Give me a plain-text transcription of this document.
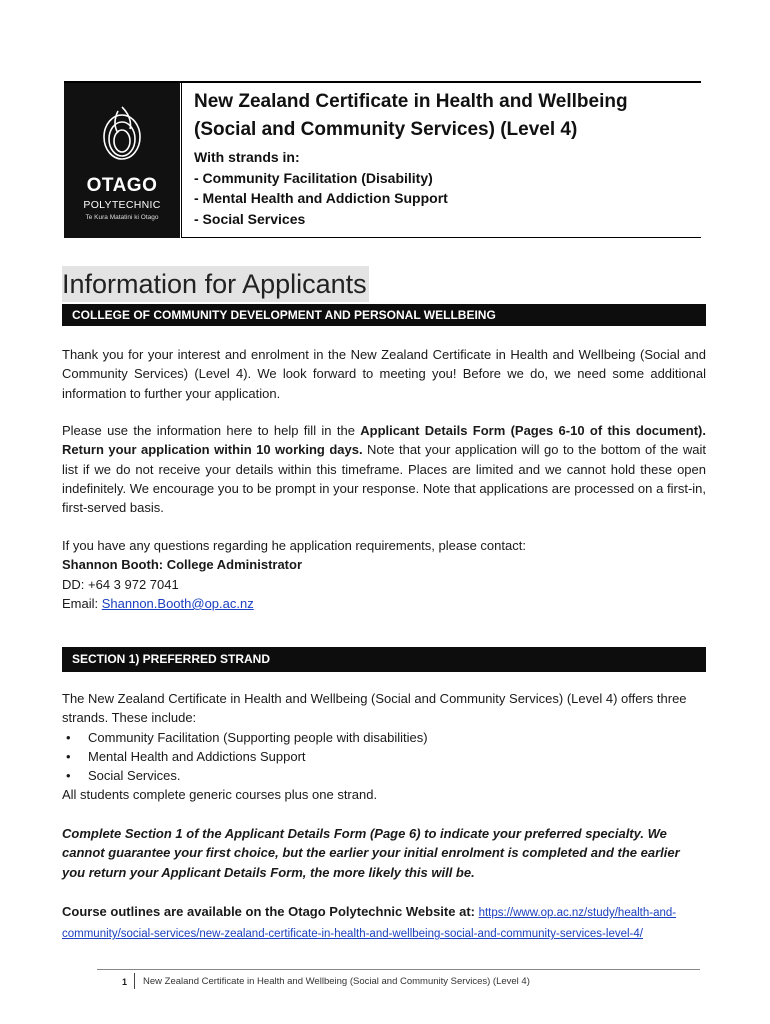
OTAGO
POLYTECHNIC
Te Kura Matatini ki Otago
New Zealand Certificate in Health and Wellbeing
(Social and Community Services) (Level 4)
With strands in:
- Community Facilitation (Disability)
- Mental Health and Addiction Support
- Social Services
Information for Applicants
COLLEGE OF COMMUNITY DEVELOPMENT AND PERSONAL WELLBEING
Thank you for your interest and enrolment in the New Zealand Certificate in Health and Wellbeing (Social and Community Services) (Level 4). We look forward to meeting you! Before we do, we need some additional information to further your application.
Please use the information here to help fill in the Applicant Details Form (Pages 6-10 of this document). Return your application within 10 working days. Note that your application will go to the bottom of the wait list if we do not receive your details within this timeframe. Places are limited and we cannot hold these open indefinitely. We encourage you to be prompt in your response. Note that applications are processed on a first-in, first-served basis.
If you have any questions regarding he application requirements, please contact:
Shannon Booth: College Administrator
DD: +64 3 972 7041
Email: Shannon.Booth@op.ac.nz
SECTION 1) PREFERRED STRAND
The New Zealand Certificate in Health and Wellbeing (Social and Community Services) (Level 4) offers three strands. These include:
• Community Facilitation (Supporting people with disabilities)
• Mental Health and Addictions Support
• Social Services.
All students complete generic courses plus one strand.
Complete Section 1 of the Applicant Details Form (Page 6) to indicate your preferred specialty. We cannot guarantee your first choice, but the earlier your initial enrolment is completed and the earlier you return your Applicant Details Form, the more likely this will be.
Course outlines are available on the Otago Polytechnic Website at: https://www.op.ac.nz/study/health-and-community/social-services/new-zealand-certificate-in-health-and-wellbeing-social-and-community-services-level-4/
1 New Zealand Certificate in Health and Wellbeing (Social and Community Services) (Level 4)
